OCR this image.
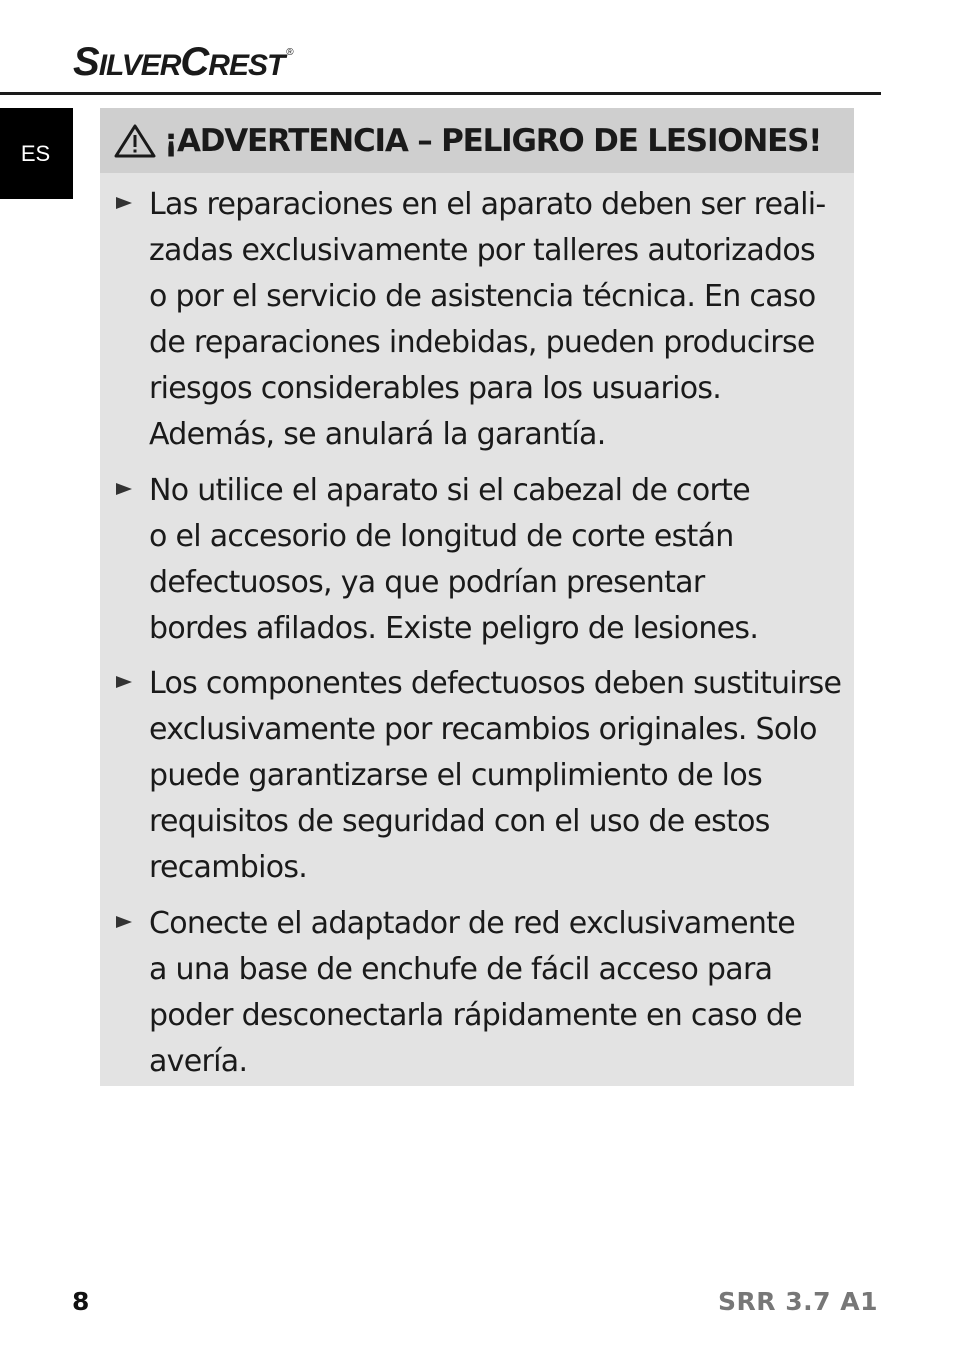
SILVERCREST ®
ES	¡ADVERTENCIA – PELIGRO DE LESIONES!
Las reparaciones en el aparato deben ser reali-
zadas exclusivamente por talleres autorizados
o por el servicio de asistencia técnica. En caso
de reparaciones indebidas, pueden producirse
riesgos considerables para los usuarios.
Además, se anulará la garantía.
No utilice el aparato si el cabezal de corte
o el accesorio de longitud de corte están
defectuosos, ya que podrían presentar
bordes afilados. Existe peligro de lesiones.
Los componentes defectuosos deben sustituirse
exclusivamente por recambios originales. Solo
puede garantizarse el cumplimiento de los
requisitos de seguridad con el uso de estos
recambios.
Conecte el adaptador de red exclusivamente
a una base de enchufe de fácil acceso para
poder desconectarla rápidamente en caso de
avería.
8	SRR 3.7 A1
